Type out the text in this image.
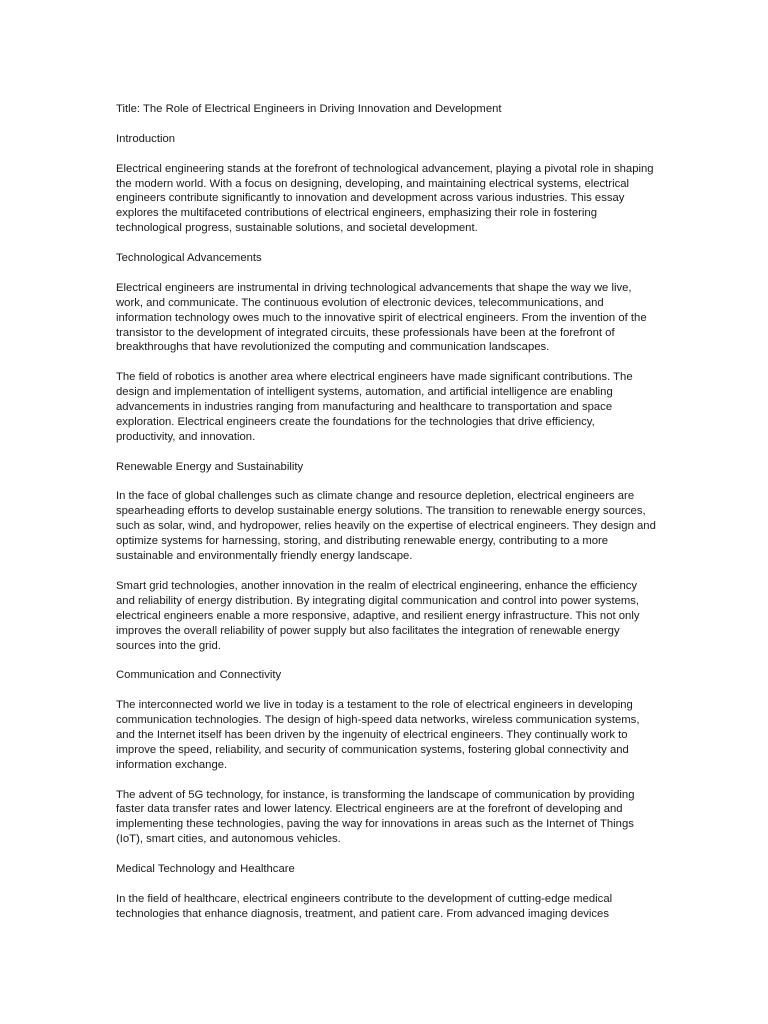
Title: The Role of Electrical Engineers in Driving Innovation and Development

Introduction

Electrical engineering stands at the forefront of technological advancement, playing a pivotal role in shaping the modern world. With a focus on designing, developing, and maintaining electrical systems, electrical engineers contribute significantly to innovation and development across various industries. This essay explores the multifaceted contributions of electrical engineers, emphasizing their role in fostering technological progress, sustainable solutions, and societal development.

Technological Advancements

Electrical engineers are instrumental in driving technological advancements that shape the way we live, work, and communicate. The continuous evolution of electronic devices, telecommunications, and information technology owes much to the innovative spirit of electrical engineers. From the invention of the transistor to the development of integrated circuits, these professionals have been at the forefront of breakthroughs that have revolutionized the computing and communication landscapes.

The field of robotics is another area where electrical engineers have made significant contributions. The design and implementation of intelligent systems, automation, and artificial intelligence are enabling advancements in industries ranging from manufacturing and healthcare to transportation and space exploration. Electrical engineers create the foundations for the technologies that drive efficiency, productivity, and innovation.

Renewable Energy and Sustainability

In the face of global challenges such as climate change and resource depletion, electrical engineers are spearheading efforts to develop sustainable energy solutions. The transition to renewable energy sources, such as solar, wind, and hydropower, relies heavily on the expertise of electrical engineers. They design and optimize systems for harnessing, storing, and distributing renewable energy, contributing to a more sustainable and environmentally friendly energy landscape.

Smart grid technologies, another innovation in the realm of electrical engineering, enhance the efficiency and reliability of energy distribution. By integrating digital communication and control into power systems, electrical engineers enable a more responsive, adaptive, and resilient energy infrastructure. This not only improves the overall reliability of power supply but also facilitates the integration of renewable energy sources into the grid.

Communication and Connectivity

The interconnected world we live in today is a testament to the role of electrical engineers in developing communication technologies. The design of high-speed data networks, wireless communication systems, and the Internet itself has been driven by the ingenuity of electrical engineers. They continually work to improve the speed, reliability, and security of communication systems, fostering global connectivity and information exchange.

The advent of 5G technology, for instance, is transforming the landscape of communication by providing faster data transfer rates and lower latency. Electrical engineers are at the forefront of developing and implementing these technologies, paving the way for innovations in areas such as the Internet of Things (IoT), smart cities, and autonomous vehicles.

Medical Technology and Healthcare

In the field of healthcare, electrical engineers contribute to the development of cutting-edge medical technologies that enhance diagnosis, treatment, and patient care. From advanced imaging devices
